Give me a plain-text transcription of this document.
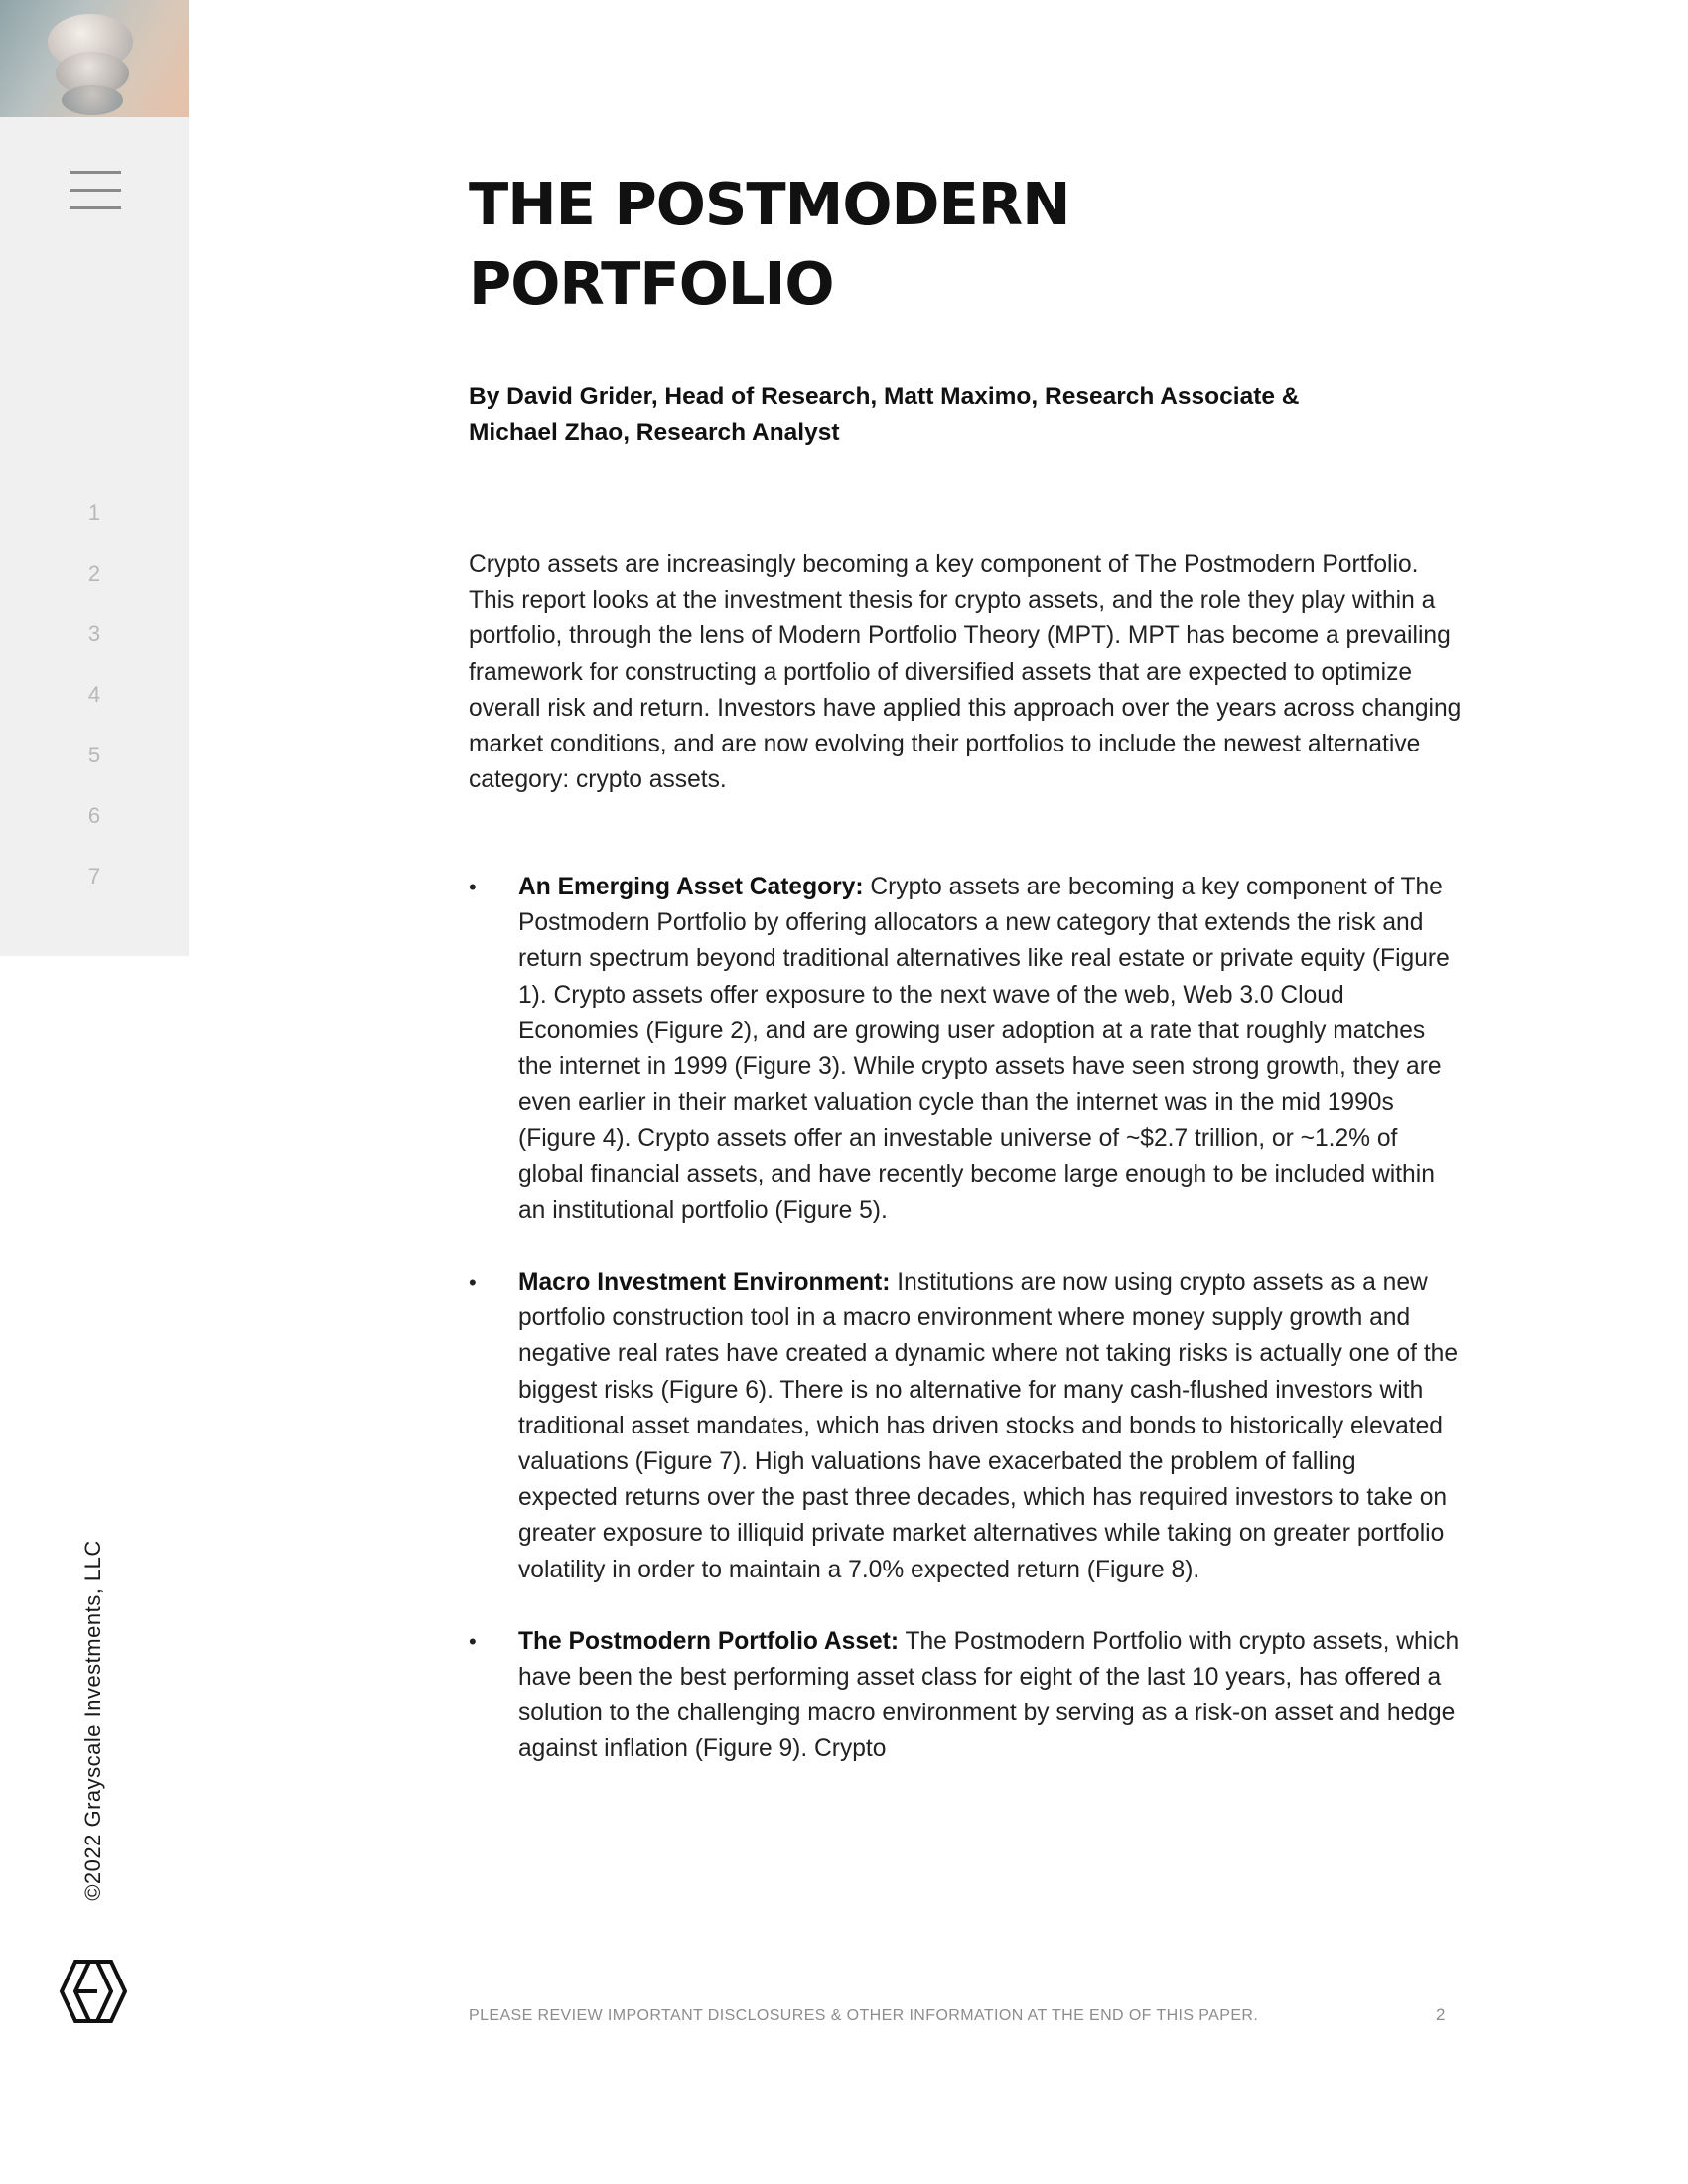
1
2
3
4
5
6
7
©2022 Grayscale Investments, LLC
THE POSTMODERN
PORTFOLIO

By David Grider, Head of Research, Matt Maximo, Research Associate &
Michael Zhao, Research Analyst

Crypto assets are increasingly becoming a key component of The Postmodern Portfolio. This report looks at the investment thesis for crypto assets, and the role they play within a portfolio, through the lens of Modern Portfolio Theory (MPT). MPT has become a prevailing framework for constructing a portfolio of diversified assets that are expected to optimize overall risk and return. Investors have applied this approach over the years across changing market conditions, and are now evolving their portfolios to include the newest alternative category: crypto assets.

• An Emerging Asset Category: Crypto assets are becoming a key component of The Postmodern Portfolio by offering allocators a new category that extends the risk and return spectrum beyond traditional alternatives like real estate or private equity (Figure 1). Crypto assets offer exposure to the next wave of the web, Web 3.0 Cloud Economies (Figure 2), and are growing user adoption at a rate that roughly matches the internet in 1999 (Figure 3). While crypto assets have seen strong growth, they are even earlier in their market valuation cycle than the internet was in the mid 1990s (Figure 4). Crypto assets offer an investable universe of ~$2.7 trillion, or ~1.2% of global financial assets, and have recently become large enough to be included within an institutional portfolio (Figure 5).
• Macro Investment Environment: Institutions are now using crypto assets as a new portfolio construction tool in a macro environment where money supply growth and negative real rates have created a dynamic where not taking risks is actually one of the biggest risks (Figure 6). There is no alternative for many cash-flushed investors with traditional asset mandates, which has driven stocks and bonds to historically elevated valuations (Figure 7). High valuations have exacerbated the problem of falling expected returns over the past three decades, which has required investors to take on greater exposure to illiquid private market alternatives while taking on greater portfolio volatility in order to maintain a 7.0% expected return (Figure 8).
• The Postmodern Portfolio Asset: The Postmodern Portfolio with crypto assets, which have been the best performing asset class for eight of the last 10 years, has offered a solution to the challenging macro environment by serving as a risk-on asset and hedge against inflation (Figure 9). Crypto
PLEASE REVIEW IMPORTANT DISCLOSURES & OTHER INFORMATION AT THE END OF THIS PAPER.	2
